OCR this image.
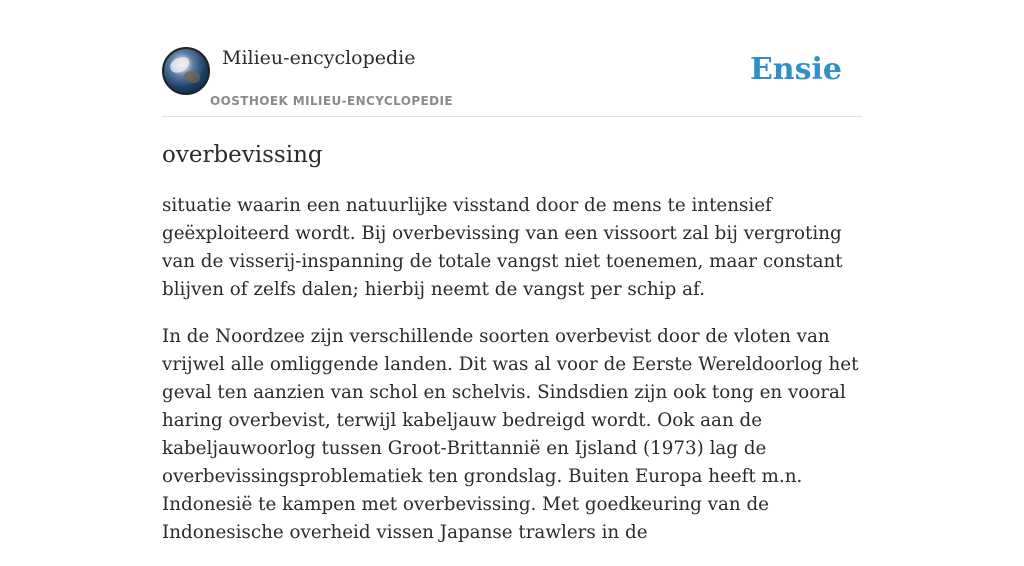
Milieu-encyclopedie
OOSTHOEK MILIEU-ENCYCLOPEDIE
Ensie
overbevissing

situatie waarin een natuurlijke visstand door de mens te intensief geëxploiteerd wordt. Bij overbevissing van een vissoort zal bij vergroting van de visserij-inspanning de totale vangst niet toenemen, maar constant blijven of zelfs dalen; hierbij neemt de vangst per schip af.

In de Noordzee zijn verschillende soorten overbevist door de vloten van vrijwel alle omliggende landen. Dit was al voor de Eerste Wereldoorlog het geval ten aanzien van schol en schelvis. Sindsdien zijn ook tong en vooral haring overbevist, terwijl kabeljauw bedreigd wordt. Ook aan de kabeljauwoorlog tussen Groot-Brittannië en Ijsland (1973) lag de overbevissingsproblematiek ten grondslag. Buiten Europa heeft m.n. Indonesië te kampen met overbevissing. Met goedkeuring van de Indonesische overheid vissen Japanse trawlers in de
